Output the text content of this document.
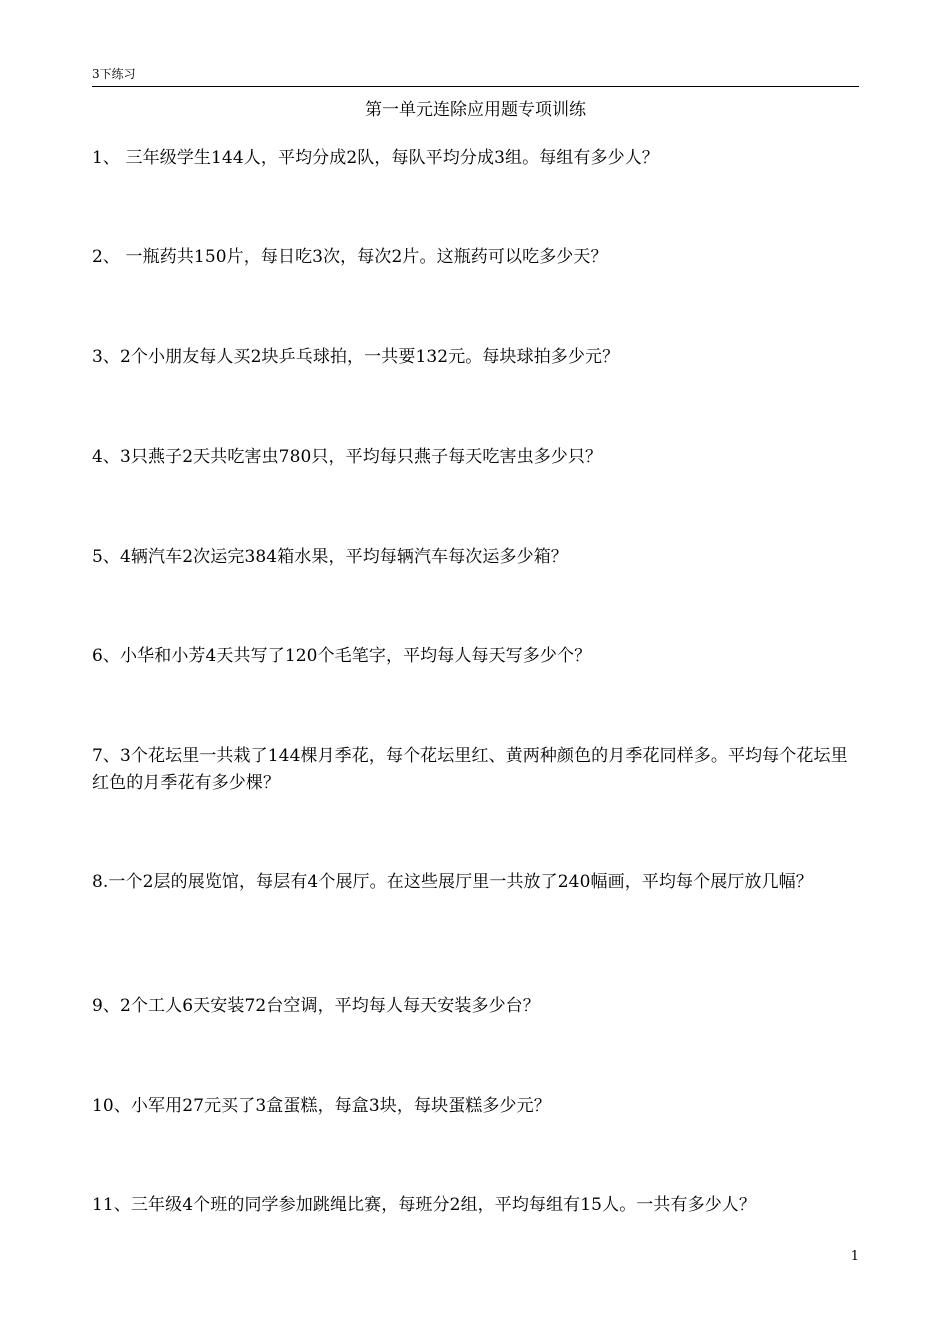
3下练习
第一单元连除应用题专项训练

1、 三年级学生144人，平均分成2队，每队平均分成3组。每组有多少人？

2、 一瓶药共150片，每日吃3次，每次2片。这瓶药可以吃多少天？

3、2个小朋友每人买2块乒乓球拍，一共要132元。每块球拍多少元？

4、3只燕子2天共吃害虫780只，平均每只燕子每天吃害虫多少只？

5、4辆汽车2次运完384箱水果，平均每辆汽车每次运多少箱？

6、小华和小芳4天共写了120个毛笔字，平均每人每天写多少个？

7、3个花坛里一共栽了144棵月季花，每个花坛里红、黄两种颜色的月季花同样多。平均每个花坛里红色的月季花有多少棵？

8.一个2层的展览馆，每层有4个展厅。在这些展厅里一共放了240幅画，平均每个展厅放几幅？

9、2个工人6天安装72台空调，平均每人每天安装多少台？

10、小军用27元买了3盒蛋糕，每盒3块，每块蛋糕多少元？

11、三年级4个班的同学参加跳绳比赛，每班分2组，平均每组有15人。一共有多少人？

1
